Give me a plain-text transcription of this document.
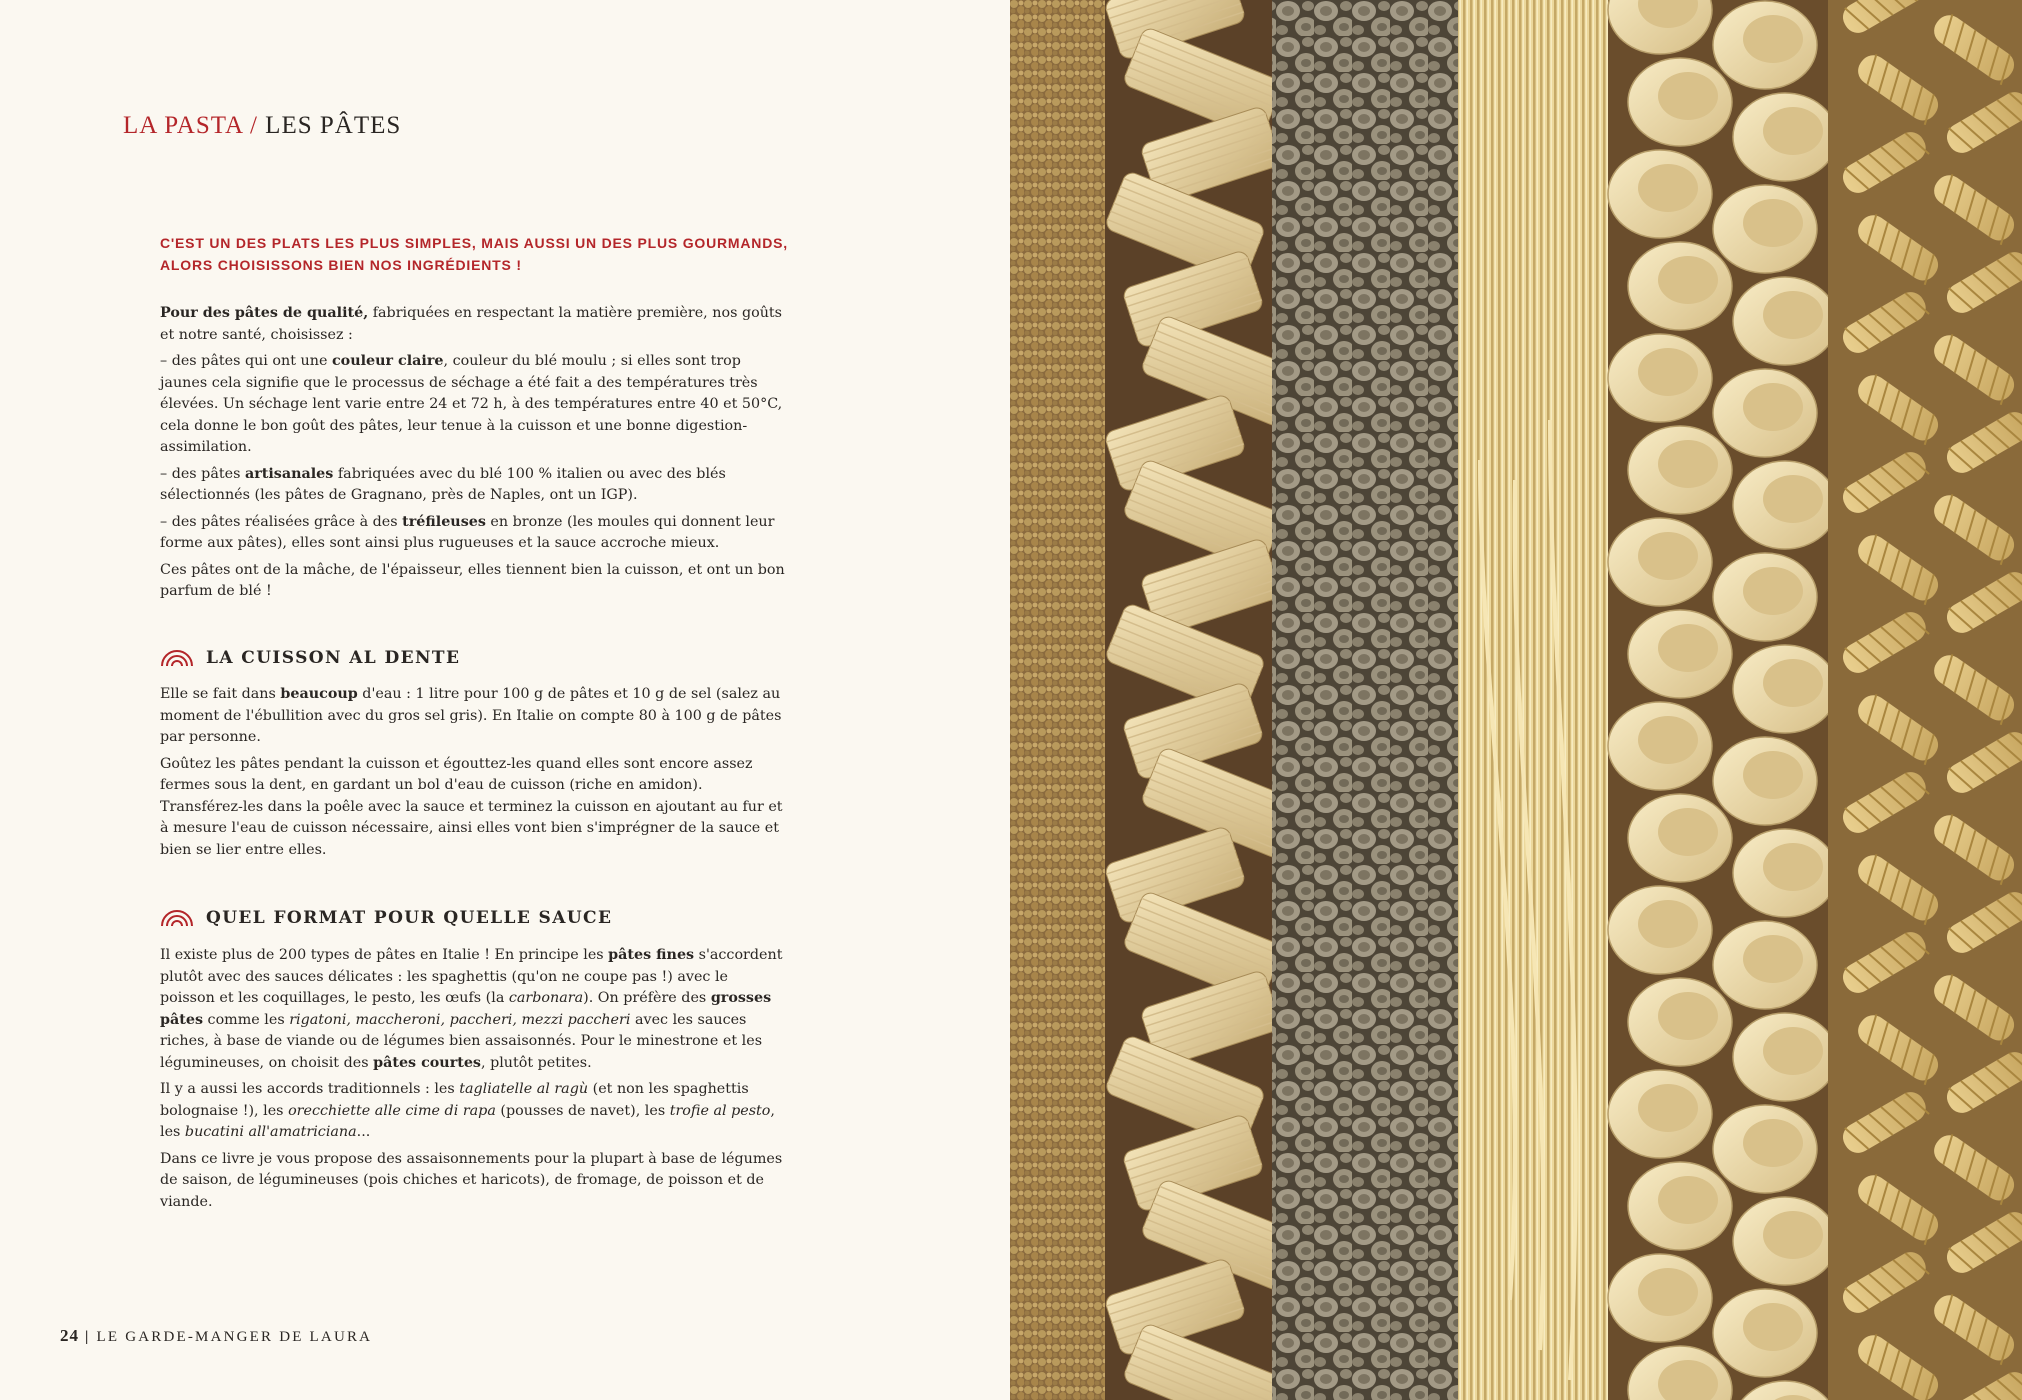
LA PASTA / LES PÂTES
C'EST UN DES PLATS LES PLUS SIMPLES, MAIS AUSSI UN DES PLUS GOURMANDS, ALORS CHOISISSONS BIEN NOS INGRÉDIENTS !

Pour des pâtes de qualité, fabriquées en respectant la matière première, nos goûts et notre santé, choisissez :

– des pâtes qui ont une couleur claire, couleur du blé moulu ; si elles sont trop jaunes cela signifie que le processus de séchage a été fait a des températures très élevées. Un séchage lent varie entre 24 et 72 h, à des températures entre 40 et 50°C, cela donne le bon goût des pâtes, leur tenue à la cuisson et une bonne digestion-assimilation.

– des pâtes artisanales fabriquées avec du blé 100 % italien ou avec des blés sélectionnés (les pâtes de Gragnano, près de Naples, ont un IGP).

– des pâtes réalisées grâce à des tréfileuses en bronze (les moules qui donnent leur forme aux pâtes), elles sont ainsi plus rugueuses et la sauce accroche mieux.

Ces pâtes ont de la mâche, de l'épaisseur, elles tiennent bien la cuisson, et ont un bon parfum de blé !

LA CUISSON AL DENTE

Elle se fait dans beaucoup d'eau : 1 litre pour 100 g de pâtes et 10 g de sel (salez au moment de l'ébullition avec du gros sel gris). En Italie on compte 80 à 100 g de pâtes par personne.

Goûtez les pâtes pendant la cuisson et égouttez-les quand elles sont encore assez fermes sous la dent, en gardant un bol d'eau de cuisson (riche en amidon). Transférez-les dans la poêle avec la sauce et terminez la cuisson en ajoutant au fur et à mesure l'eau de cuisson nécessaire, ainsi elles vont bien s'imprégner de la sauce et bien se lier entre elles.

QUEL FORMAT POUR QUELLE SAUCE

Il existe plus de 200 types de pâtes en Italie ! En principe les pâtes fines s'accordent plutôt avec des sauces délicates : les spaghettis (qu'on ne coupe pas !) avec le poisson et les coquillages, le pesto, les œufs (la carbonara). On préfère des grosses pâtes comme les rigatoni, maccheroni, paccheri, mezzi paccheri avec les sauces riches, à base de viande ou de légumes bien assaisonnés. Pour le minestrone et les légumineuses, on choisit des pâtes courtes, plutôt petites.

Il y a aussi les accords traditionnels : les tagliatelle al ragù (et non les spaghettis bolognaise !), les orecchiette alle cime di rapa (pousses de navet), les trofie al pesto, les bucatini all'amatriciana...

Dans ce livre je vous propose des assaisonnements pour la plupart à base de légumes de saison, de légumineuses (pois chiches et haricots), de fromage, de poisson et de viande.

24 | LE GARDE-MANGER DE LAURA
